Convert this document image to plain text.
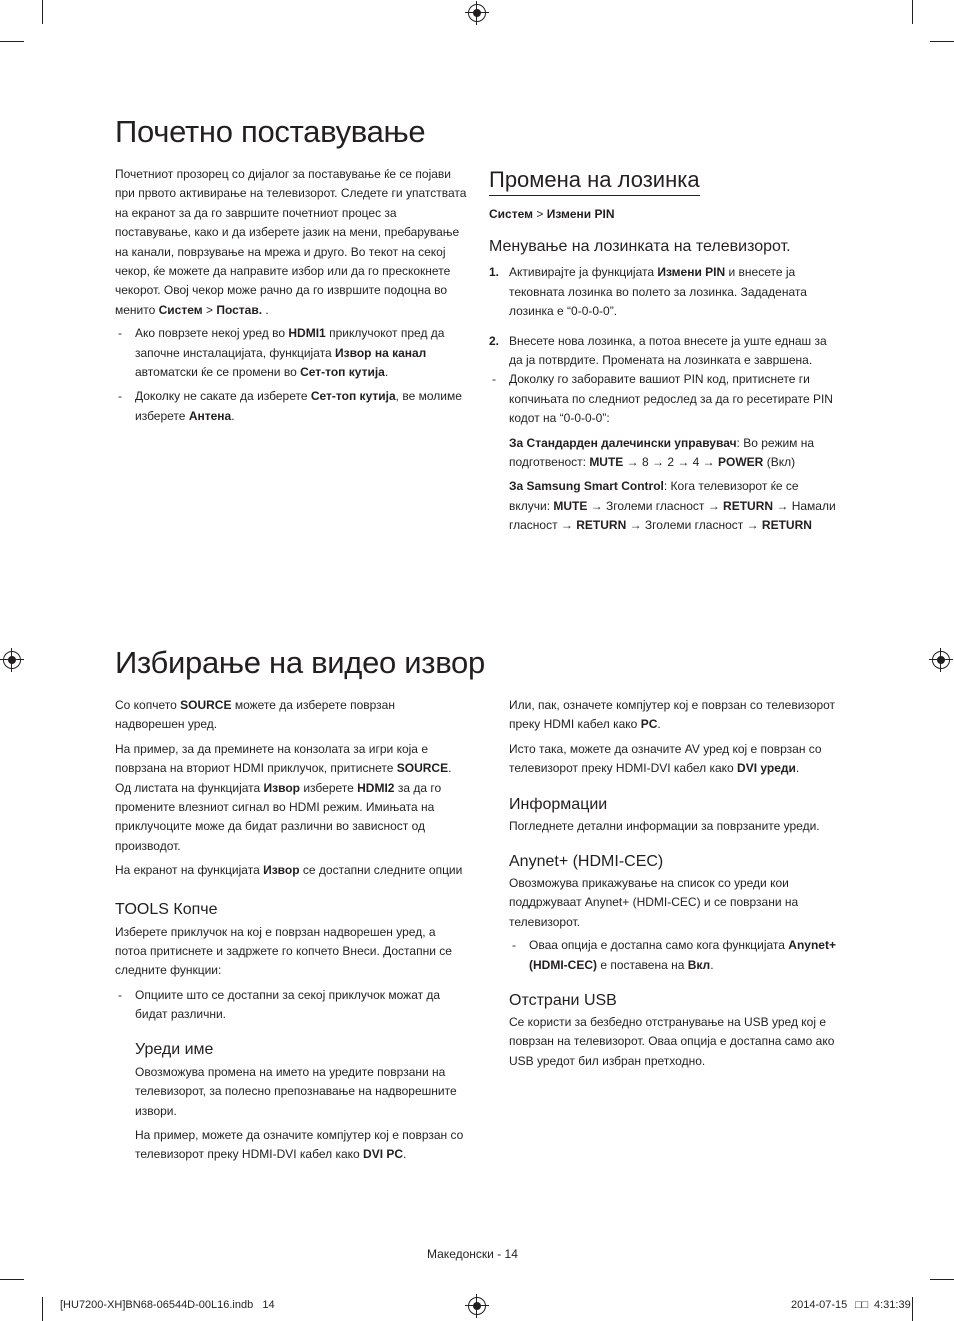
Почетно поставување

Почетниот прозорец со дијалог за поставување ќе се појави при првото активирање на телевизорот. Следете ги упатствата на екранот за да го завршите почетниот процес за поставување, како и да изберете јазик на мени, пребарување на канали, поврзување на мрежа и друго. Во текот на секој чекор, ќе можете да направите избор или да го прескокнете чекорот. Овој чекор може рачно да го извршите подоцна во менито Систем > Постав. .

- Ако поврзете некој уред во HDMI1 приклучокот пред да започне инсталацијата, функцијата Извор на канал автоматски ќе се промени во Сет-топ кутија.

- Доколку не сакате да изберете Сет-топ кутија, ве молиме изберете Антена.

Промена на лозинка

Систем > Измени PIN

Менување на лозинката на телевизорот.

1. Активирајте ја функцијата Измени PIN и внесете ја тековната лозинка во полето за лозинка. Зададената лозинка е “0-0-0-0”.

2. Внесете нова лозинка, а потоа внесете ја уште еднаш за да ја потврдите. Промената на лозинката е завршена.

- Доколку го заборавите вашиот PIN код, притиснете ги копчињата по следниот редослед за да го ресетирате PIN кодот на “0-0-0-0”:

За Стандарден далечински управувач: Во режим на подготвеност: MUTE → 8 → 2 → 4 → POWER (Вкл)

За Samsung Smart Control: Кога телевизорот ќе се вклучи: MUTE → Зголеми гласност → RETURN → Намали гласност → RETURN → Зголеми гласност → RETURN

Избирање на видео извор

Со копчето SOURCE можете да изберете поврзан надворешен уред.

На пример, за да преминете на конзолата за игри која е поврзана на вториот HDMI приклучок, притиснете SOURCE. Од листата на функцијата Извор изберете HDMI2 за да го промените влезниот сигнал во HDMI режим. Имињата на приклучоците може да бидат различни во зависност од производот.

На екранот на функцијата Извор се достапни следните опции

TOOLS Копче

Изберете приклучок на кој е поврзан надворешен уред, а потоа притиснете и задржете го копчето Внеси. Достапни се следните функции:

- Опциите што се достапни за секој приклучок можат да бидат различни.

Уреди име

Овозможува промена на името на уредите поврзани на телевизорот, за полесно препознавање на надворешните извори.

На пример, можете да означите компјутер кој е поврзан со телевизорот преку HDMI-DVI кабел како DVI PC.

Или, пак, означете компјутер кој е поврзан со телевизорот преку HDMI кабел како PC.

Исто така, можете да означите AV уред кој е поврзан со телевизорот преку HDMI-DVI кабел како DVI уреди.

Информации

Погледнете детални информации за поврзаните уреди.

Anynet+ (HDMI-CEC)

Овозможува прикажување на список со уреди кои поддржуваат Anynet+ (HDMI-CEC) и се поврзани на телевизорот.

- Оваа опција е достапна само кога функцијата Anynet+ (HDMI-CEC) е поставена на Вкл.

Отстрани USB

Се користи за безбедно отстранување на USB уред кој е поврзан на телевизорот. Оваа опција е достапна само ако USB уредот бил избран претходно.

Македонски - 14
[HU7200-XH]BN68-06544D-00L16.indb   14	2014-07-15 □□ 4:31:39
